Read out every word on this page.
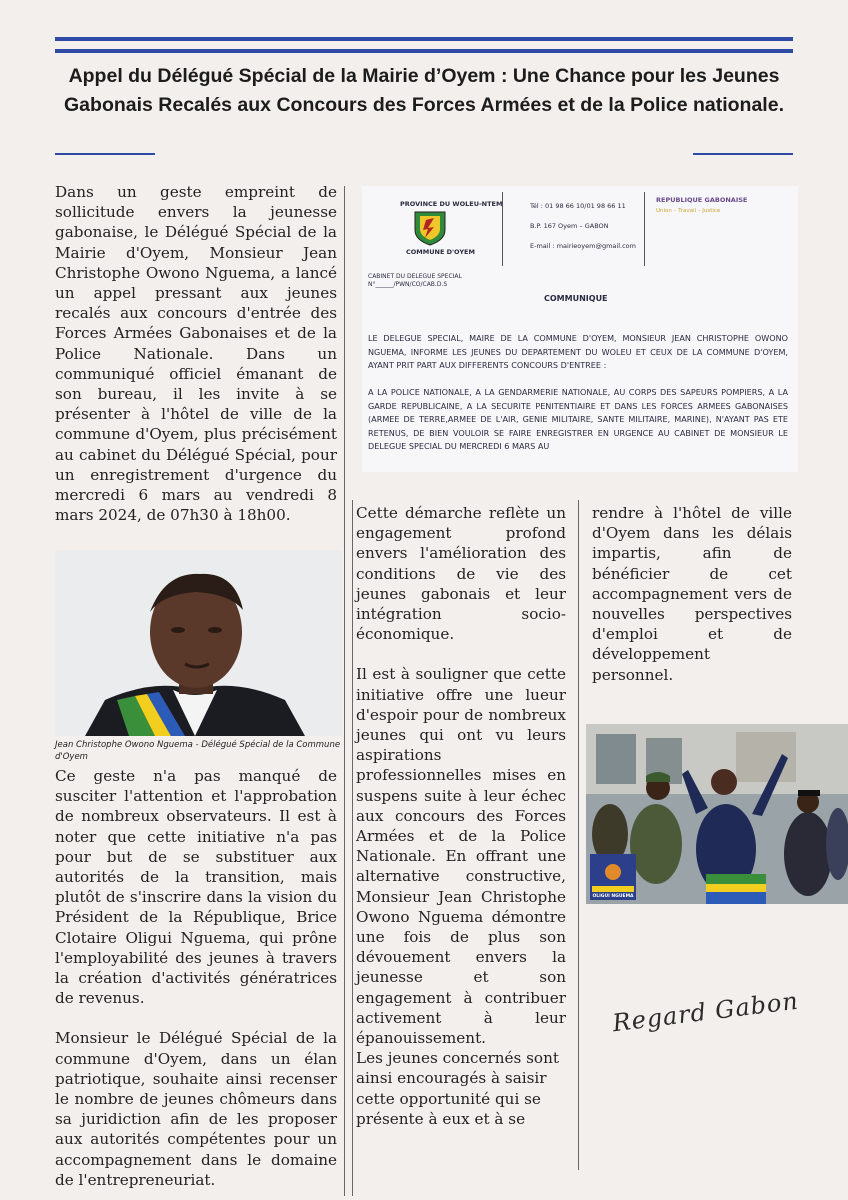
Appel du Délégué Spécial de la Mairie d’Oyem : Une Chance pour les Jeunes Gabonais Recalés aux Concours des Forces Armées et de la Police nationale.

Dans un geste empreint de sollicitude envers la jeunesse gabonaise, le Délégué Spécial de la Mairie d'Oyem, Monsieur Jean Christophe Owono Nguema, a lancé un appel pressant aux jeunes recalés aux concours d'entrée des Forces Armées Gabonaises et de la Police Nationale. Dans un communiqué officiel émanant de son bureau, il les invite à se présenter à l'hôtel de ville de la commune d'Oyem, plus précisément au cabinet du Délégué Spécial, pour un enregistrement d'urgence du mercredi 6 mars au vendredi 8 mars 2024, de 07h30 à 18h00.

Jean Christophe Owono Nguema - Délégué Spécial de la Commune d'Oyem

Ce geste n'a pas manqué de susciter l'attention et l'approbation de nombreux observateurs. Il est à noter que cette initiative n'a pas pour but de se substituer aux autorités de la transition, mais plutôt de s'inscrire dans la vision du Président de la République, Brice Clotaire Oligui Nguema, qui prône l'employabilité des jeunes à travers la création d'activités génératrices de revenus.

Monsieur le Délégué Spécial de la commune d'Oyem, dans un élan patriotique, souhaite ainsi recenser le nombre de jeunes chômeurs dans sa juridiction afin de les proposer aux autorités compétentes pour un accompagnement dans le domaine de l'entrepreneuriat.

PROVINCE DU WOLEU-NTEM
COMMUNE D'OYEM
Tél : 01 98 66 10/01 98 66 11
B.P. 167 Oyem – GABON
E-mail : mairieoyem@gmail.com
REPUBLIQUE GABONAISE
Union – Travail – Justice
CABINET DU DELEGUE SPECIAL
N°______/PWN/CO/CAB.D.S
COMMUNIQUE
LE DELEGUE SPECIAL, MAIRE DE LA COMMUNE D'OYEM, MONSIEUR JEAN CHRISTOPHE OWONO NGUEMA, INFORME LES JEUNES DU DEPARTEMENT DU WOLEU ET CEUX DE LA COMMUNE D'OYEM, AYANT PRIT PART AUX DIFFERENTS CONCOURS D'ENTREE :
A LA POLICE NATIONALE, A LA GENDARMERIE NATIONALE, AU CORPS DES SAPEURS POMPIERS, A LA GARDE REPUBLICAINE, A LA SECURITE PENITENTIAIRE ET DANS LES FORCES ARMEES GABONAISES (ARMEE DE TERRE,ARMEE DE L'AIR, GENIE MILITAIRE, SANTE MILITAIRE, MARINE), N'AYANT PAS ETE RETENUS, DE BIEN VOULOIR SE FAIRE ENREGISTRER EN URGENCE AU CABINET DE MONSIEUR LE DELEGUE SPECIAL DU MERCREDI 6 MARS AU

Cette démarche reflète un engagement profond envers l'amélioration des conditions de vie des jeunes gabonais et leur intégration socio-économique.

Il est à souligner que cette initiative offre une lueur d'espoir pour de nombreux jeunes qui ont vu leurs aspirations professionnelles mises en suspens suite à leur échec aux concours des Forces Armées et de la Police Nationale. En offrant une alternative constructive, Monsieur Jean Christophe Owono Nguema démontre une fois de plus son dévouement envers la jeunesse et son engagement à contribuer activement à leur épanouissement.

Les jeunes concernés sont ainsi encouragés à saisir cette opportunité qui se présente à eux et à se

rendre à l'hôtel de ville d'Oyem dans les délais impartis, afin de bénéficier de cet accompagnement vers de nouvelles perspectives d'emploi et de développement personnel.

OLIGUI NGUEMA
Regard Gabon
